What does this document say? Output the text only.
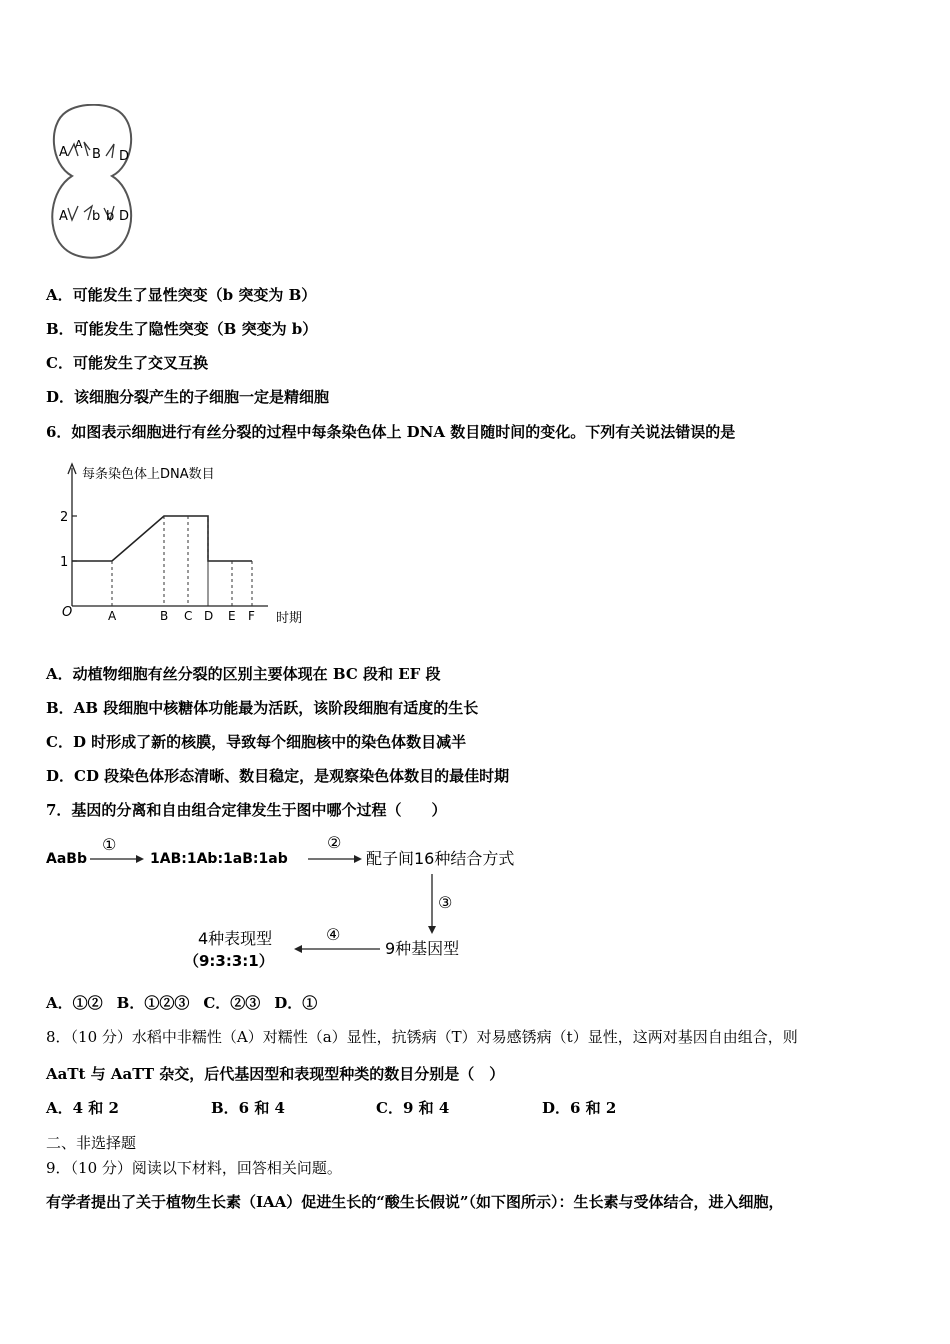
A
A
B D
A b b D
A．可能发生了显性突变（b 突变为 B）
B．可能发生了隐性突变（B 突变为 b）
C．可能发生了交叉互换
D．该细胞分裂产生的子细胞一定是精细胞
6．如图表示细胞进行有丝分裂的过程中每条染色体上 DNA 数目随时间的变化。下列有关说法错误的是
每条染色体上DNA数目
时期
O
1
2
A	B C D E F
A．动植物细胞有丝分裂的区别主要体现在 BC 段和 EF 段
B．AB 段细胞中核糖体功能最为活跃，该阶段细胞有适度的生长
C．D 时形成了新的核膜，导致每个细胞核中的染色体数目减半
D．CD 段染色体形态清晰、数目稳定，是观察染色体数目的最佳时期
7．基因的分离和自由组合定律发生于图中哪个过程（　　）
AaBb
①
1AB:1Ab:1aB:1ab
②
配子间16种结合方式
③
9种基因型
④
4种表现型
（9:3:3:1）
A．①② B．①②③ C．②③ D．①
8．（10 分）水稻中非糯性（A）对糯性（a）显性，抗锈病（T）对易感锈病（t）显性，这两对基因自由组合，则
AaTt 与 AaTT 杂交，后代基因型和表现型种类的数目分别是（　）
A．4 和 2	B．6 和 4	C．9 和 4	D．6 和 2
二、非选择题
9．（10 分）阅读以下材料，回答相关问题。
有学者提出了关于植物生长素（IAA）促进生长的“酸生长假说”（如下图所示）：生长素与受体结合，进入细胞，
